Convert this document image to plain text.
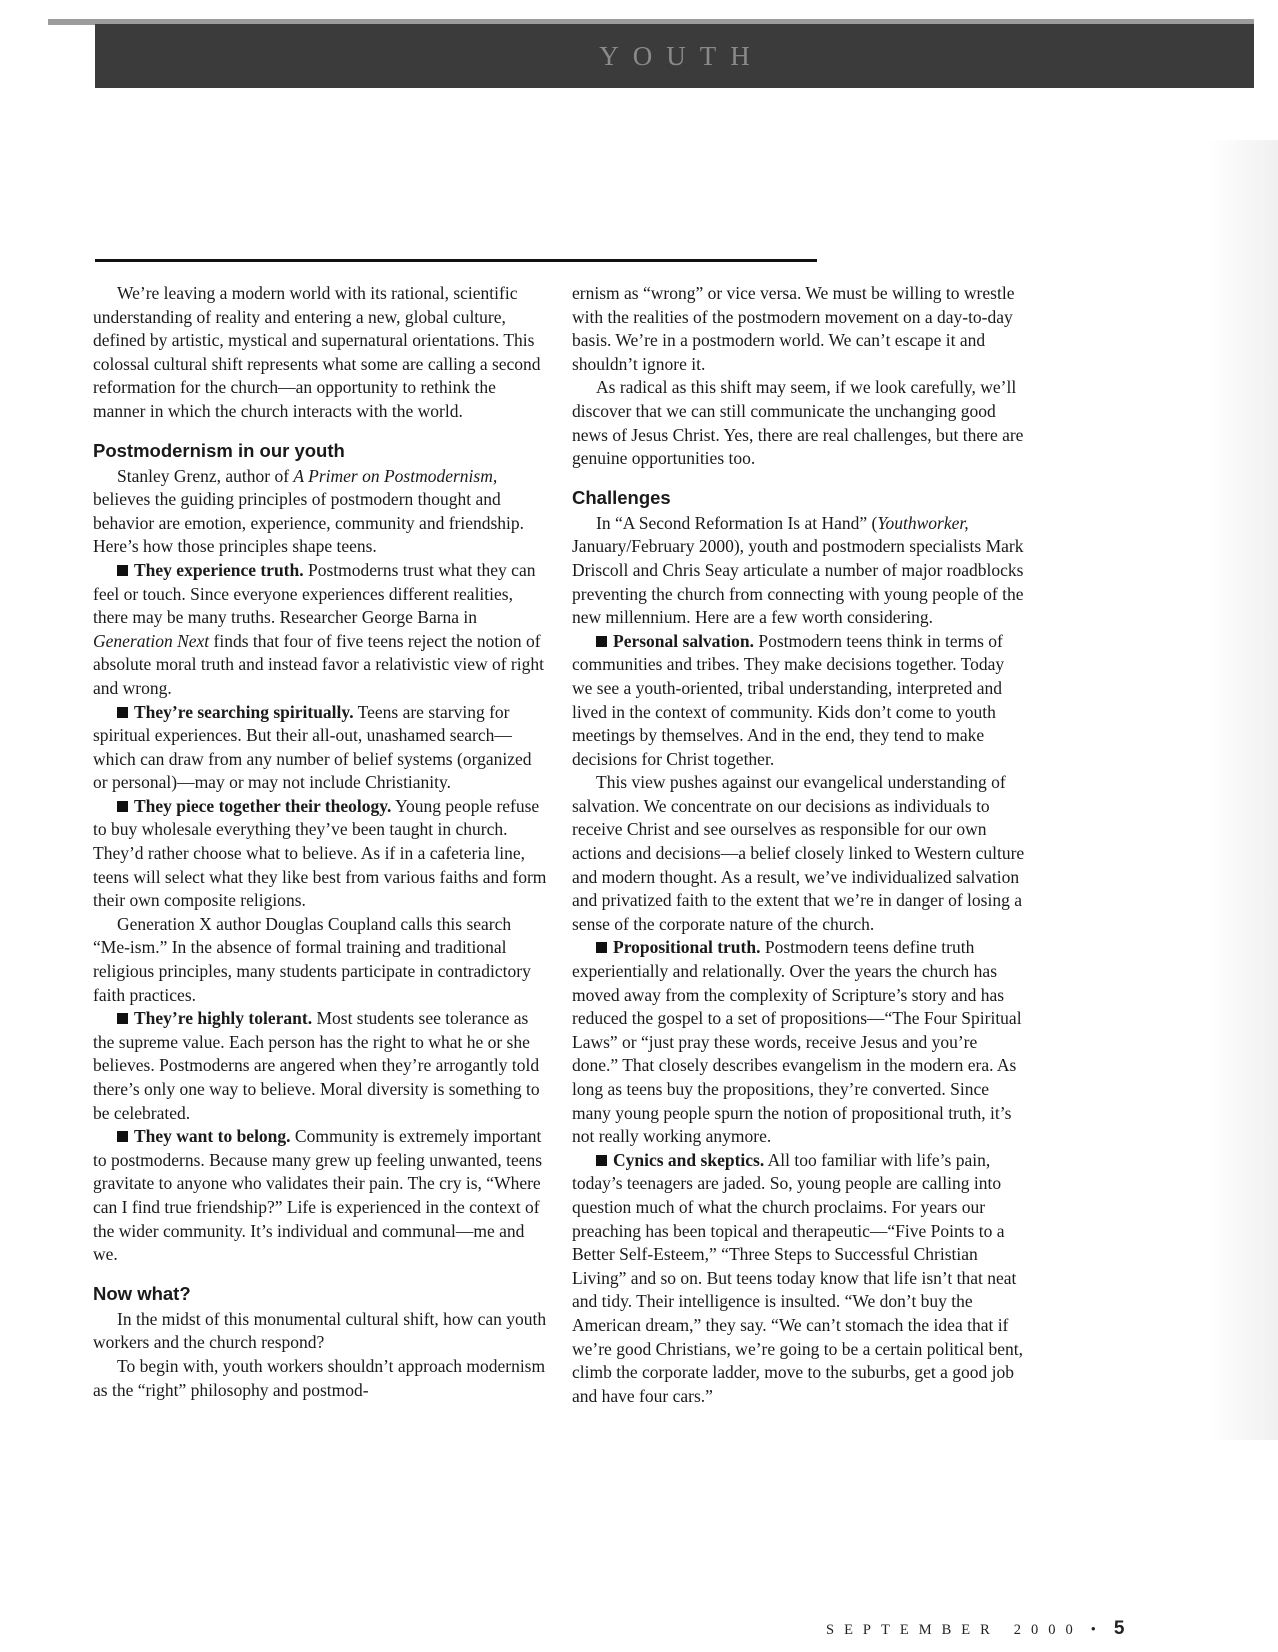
YOUTH

We’re leaving a modern world with its rational, scientific understanding of reality and entering a new, global culture, defined by artistic, mystical and supernatural orientations. This colossal cultural shift represents what some are calling a second reformation for the church—an opportunity to rethink the manner in which the church interacts with the world.

Postmodernism in our youth

Stanley Grenz, author of A Primer on Postmodernism, believes the guiding principles of postmodern thought and behavior are emotion, experience, community and friendship. Here’s how those principles shape teens.

They experience truth. Postmoderns trust what they can feel or touch. Since everyone experiences different realities, there may be many truths. Researcher George Barna in Generation Next finds that four of five teens reject the notion of absolute moral truth and instead favor a relativistic view of right and wrong.

They’re searching spiritually. Teens are starving for spiritual experiences. But their all-out, unashamed search—which can draw from any number of belief systems (organized or personal)—may or may not include Christianity.

They piece together their theology. Young people refuse to buy wholesale everything they’ve been taught in church. They’d rather choose what to believe. As if in a cafeteria line, teens will select what they like best from various faiths and form their own composite religions.

Generation X author Douglas Coupland calls this search “Me-ism.” In the absence of formal training and traditional religious principles, many students participate in contradictory faith practices.

They’re highly tolerant. Most students see tolerance as the supreme value. Each person has the right to what he or she believes. Postmoderns are angered when they’re arrogantly told there’s only one way to believe. Moral diversity is something to be celebrated.

They want to belong. Community is extremely important to postmoderns. Because many grew up feeling unwanted, teens gravitate to anyone who validates their pain. The cry is, “Where can I find true friendship?” Life is experienced in the context of the wider community. It’s individual and communal—me and we.

Now what?

In the midst of this monumental cultural shift, how can youth workers and the church respond?

To begin with, youth workers shouldn’t approach modernism as the “right” philosophy and postmod-

ernism as “wrong” or vice versa. We must be willing to wrestle with the realities of the postmodern movement on a day-to-day basis. We’re in a postmodern world. We can’t escape it and shouldn’t ignore it.

As radical as this shift may seem, if we look carefully, we’ll discover that we can still communicate the unchanging good news of Jesus Christ. Yes, there are real challenges, but there are genuine opportunities too.

Challenges

In “A Second Reformation Is at Hand” (Youthworker, January/February 2000), youth and postmodern specialists Mark Driscoll and Chris Seay articulate a number of major roadblocks preventing the church from connecting with young people of the new millennium. Here are a few worth considering.

Personal salvation. Postmodern teens think in terms of communities and tribes. They make decisions together. Today we see a youth-oriented, tribal understanding, interpreted and lived in the context of community. Kids don’t come to youth meetings by themselves. And in the end, they tend to make decisions for Christ together.

This view pushes against our evangelical understanding of salvation. We concentrate on our decisions as individuals to receive Christ and see ourselves as responsible for our own actions and decisions—a belief closely linked to Western culture and modern thought. As a result, we’ve individualized salvation and privatized faith to the extent that we’re in danger of losing a sense of the corporate nature of the church.

Propositional truth. Postmodern teens define truth experientially and relationally. Over the years the church has moved away from the complexity of Scripture’s story and has reduced the gospel to a set of propositions—“The Four Spiritual Laws” or “just pray these words, receive Jesus and you’re done.” That closely describes evangelism in the modern era. As long as teens buy the propositions, they’re converted. Since many young people spurn the notion of propositional truth, it’s not really working anymore.

Cynics and skeptics. All too familiar with life’s pain, today’s teenagers are jaded. So, young people are calling into question much of what the church proclaims. For years our preaching has been topical and therapeutic—“Five Points to a Better Self-Esteem,” “Three Steps to Successful Christian Living” and so on. But teens today know that life isn’t that neat and tidy. Their intelligence is insulted. “We don’t buy the American dream,” they say. “We can’t stomach the idea that if we’re good Christians, we’re going to be a certain political bent, climb the corporate ladder, move to the suburbs, get a good job and have four cars.”

SEPTEMBER 2000 • 5
